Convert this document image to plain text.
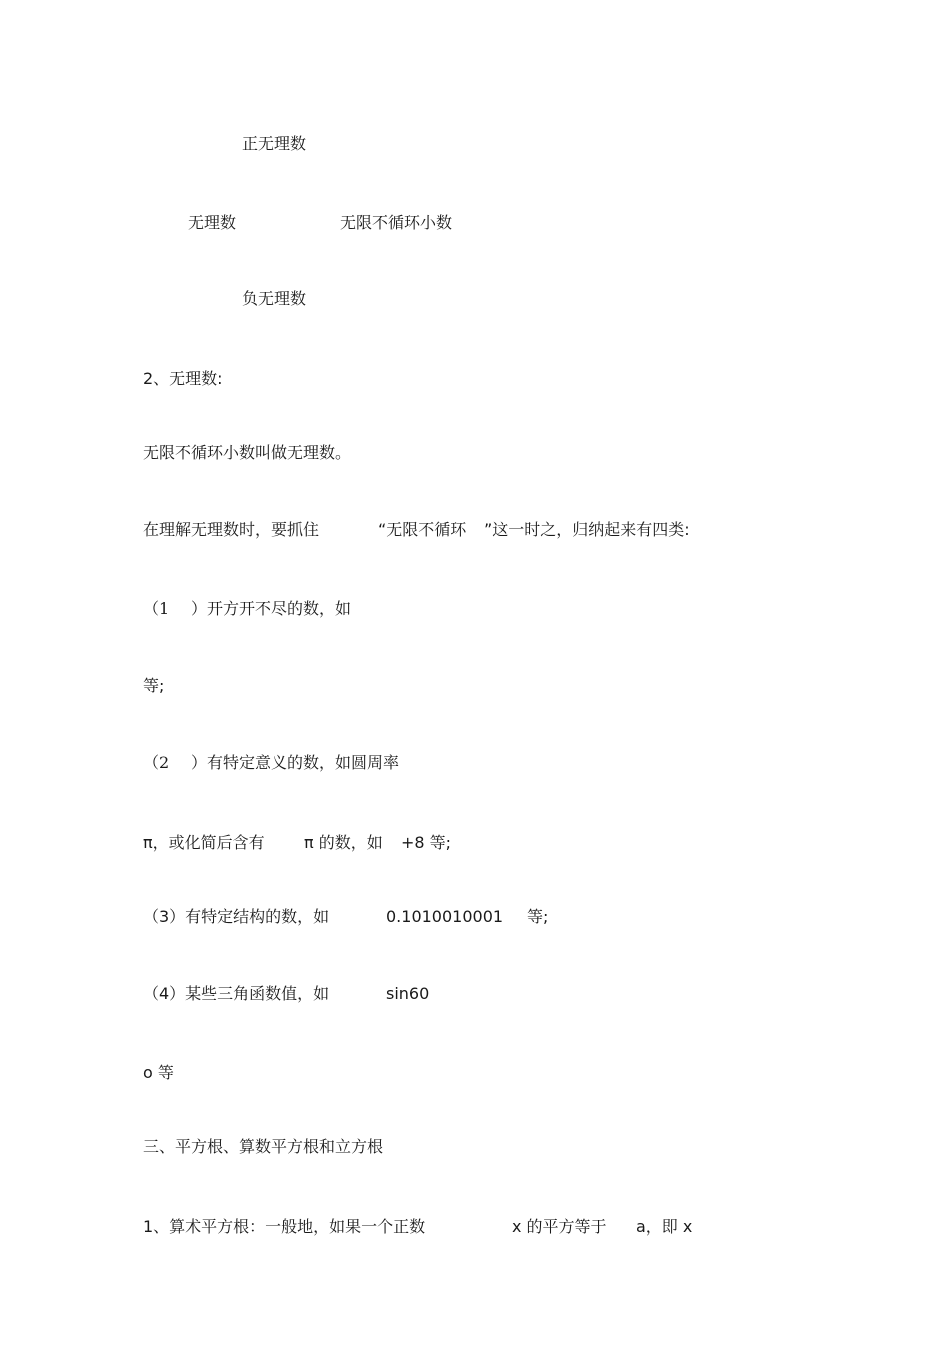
正无理数
无理数	无限不循环小数
负无理数
2、无理数:
无限不循环小数叫做无理数。
在理解无理数时，要抓住	“无限不循环 ”这一时之，归纳起来有四类:
（1 ）开方开不尽的数，如
等;
（2 ）有特定意义的数，如圆周率
π，或化简后含有 π 的数，如 +8 等;
（3）有特定结构的数，如	0.1010010001 等;
（4）某些三角函数值，如	sin60
o 等
三、平方根、算数平方根和立方根
1、算术平方根：一般地，如果一个正数	x 的平方等于 a，即 x
